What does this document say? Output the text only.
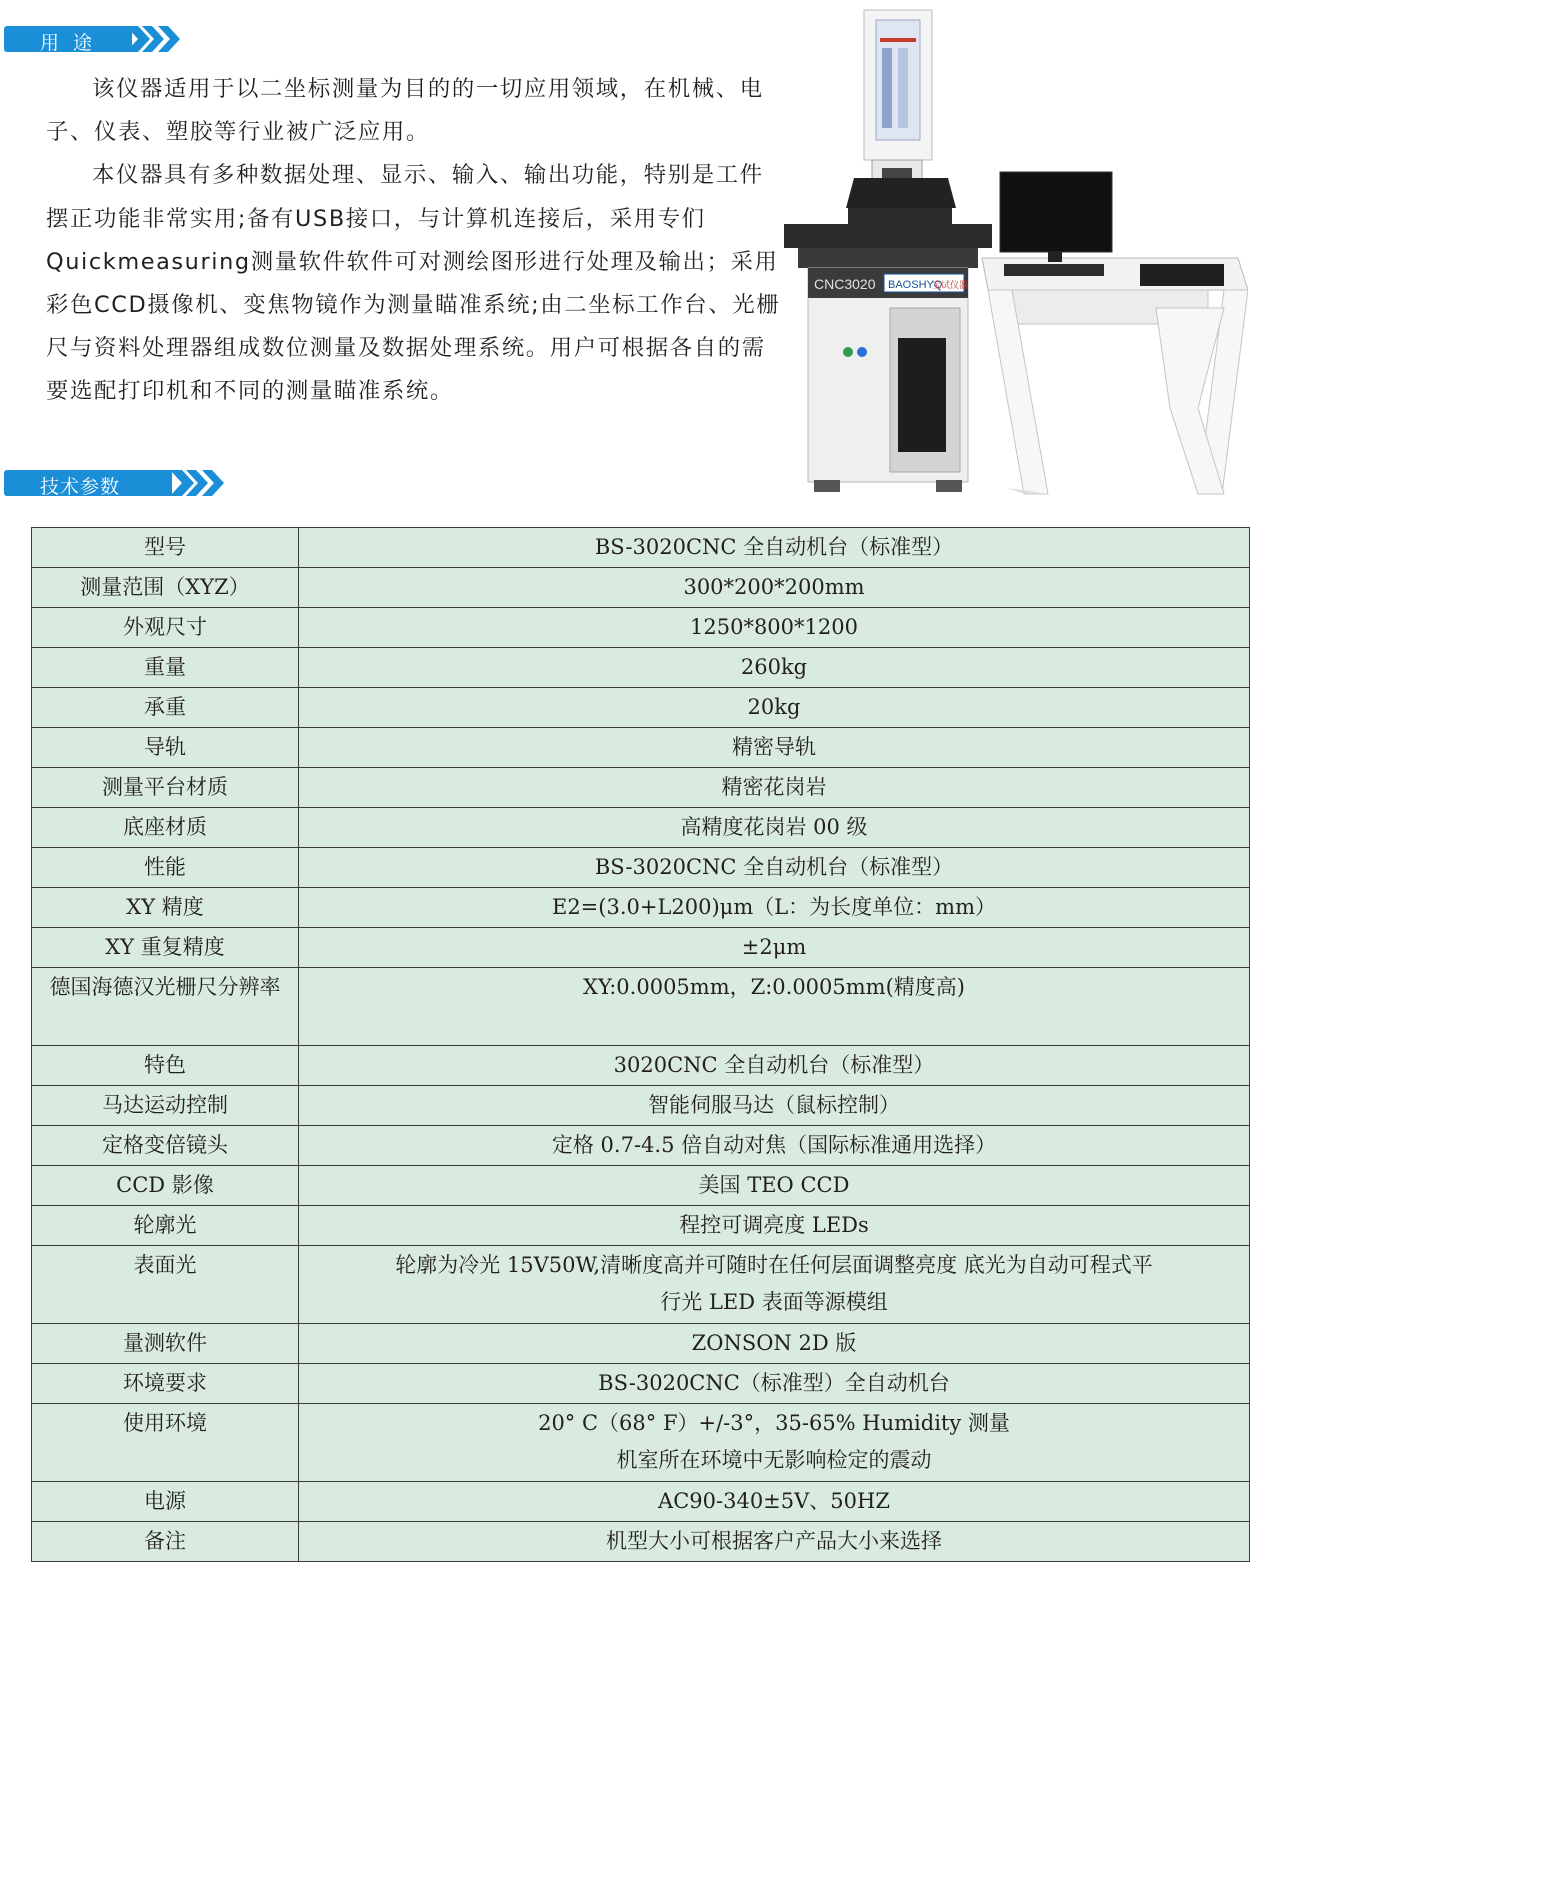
用 途

该仪器适用于以二坐标测量为目的的一切应用领域，在机械、电子、仪表、塑胶等行业被广泛应用。

本仪器具有多种数据处理、显示、输入、输出功能，特别是工件摆正功能非常实用;备有USB接口，与计算机连接后，采用专们Quickmeasuring测量软件软件可对测绘图形进行处理及输出；采用彩色CCD摄像机、变焦物镜作为测量瞄准系统;由二坐标工作台、光栅尺与资料处理器组成数位测量及数据处理系统。用户可根据各自的需要选配打印机和不同的测量瞄准系统。

CNC3020 BAOSHYQ
宝试仪器
技术参数
型号	BS-3020CNC 全自动机台（标准型）
测量范围（XYZ）	300*200*200mm
外观尺寸	1250*800*1200
重量	260kg
承重	20kg
导轨	精密导轨
测量平台材质	精密花岗岩
底座材质	高精度花岗岩 00 级
性能	BS-3020CNC 全自动机台（标准型）
XY 精度	E2=(3.0+L200)μm（L：为长度单位：mm）
XY 重复精度	±2μm
德国海德汉光栅尺分辨率	XY:0.0005mm，Z:0.0005mm(精度高)
特色	3020CNC 全自动机台（标准型）
马达运动控制	智能伺服马达（鼠标控制）
定格变倍镜头	定格 0.7-4.5 倍自动对焦（国际标准通用选择）
CCD 影像	美国 TEO CCD
轮廓光	程控可调亮度 LEDs
表面光	轮廓为冷光 15V50W,清晰度高并可随时在任何层面调整亮度 底光为自动可程式平行光 LED 表面等源模组
量测软件	ZONSON 2D 版
环境要求	BS-3020CNC（标准型）全自动机台
使用环境	20° C（68° F）+/-3°，35-65% Humidity 测量机室所在环境中无影响检定的震动
电源	AC90-340±5V、50HZ
备注	机型大小可根据客户产品大小来选择
